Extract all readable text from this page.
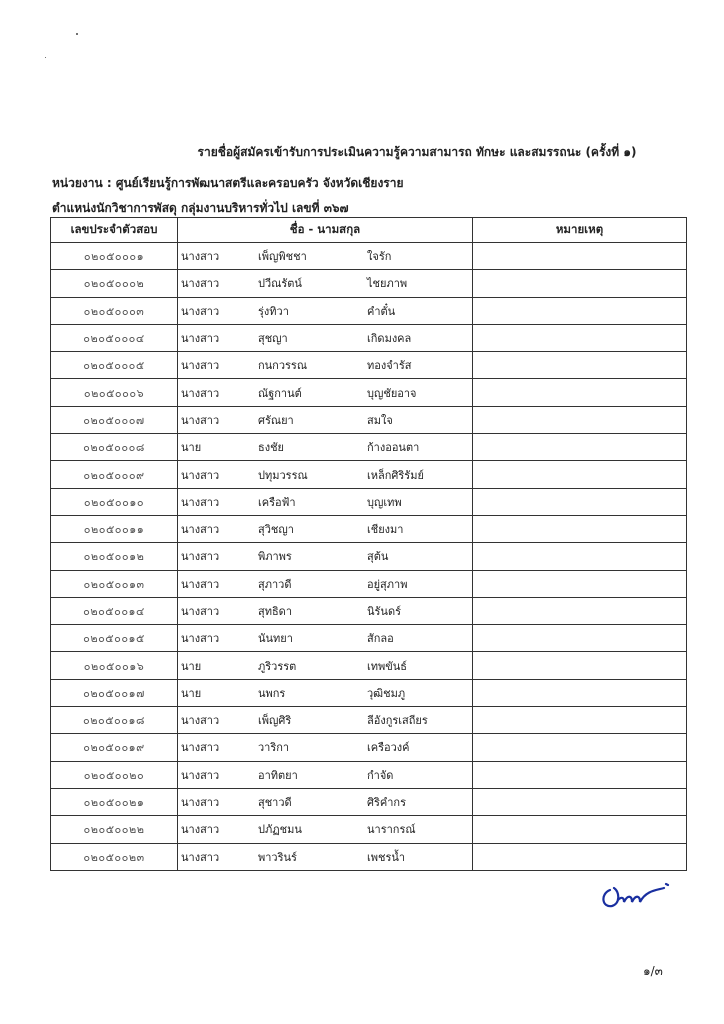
รายชื่อผู้สมัครเข้ารับการประเมินความรู้ความสามารถ ทักษะ และสมรรถนะ (ครั้งที่ ๑)
หน่วยงาน : ศูนย์เรียนรู้การพัฒนาสตรีและครอบครัว จังหวัดเชียงราย
ตำแหน่งนักวิชาการพัสดุ กลุ่มงานบริหารทั่วไป เลขที่ ๓๖๗
เลขประจำตัวสอบ	ชื่อ - นามสกุล	หมายเหตุ
๐๒๐๕๐๐๐๑	นางสาว เพ็ญพิชชา ใจรัก	

๐๒๐๕๐๐๐๒	นางสาว ปวีณรัตน์ ไชยภาพ	

๐๒๐๕๐๐๐๓	นางสาว รุ่งทิวา คำตั๋น	

๐๒๐๕๐๐๐๔	นางสาว สุชญา เกิดมงคล	

๐๒๐๕๐๐๐๕	นางสาว กนกวรรณ ทองจำรัส	

๐๒๐๕๐๐๐๖	นางสาว ณัฐกานต์ บุญชัยอาจ	

๐๒๐๕๐๐๐๗	นางสาว ศรัณยา สมใจ	

๐๒๐๕๐๐๐๘	นาย ธงชัย ก้างออนตา	

๐๒๐๕๐๐๐๙	นางสาว ปทุมวรรณ เหล็กศิริรัมย์	

๐๒๐๕๐๐๑๐	นางสาว เครือฟ้า บุญเทพ	

๐๒๐๕๐๐๑๑	นางสาว สุวิชญา เชียงมา	

๐๒๐๕๐๐๑๒	นางสาว พิภาพร สุต้น	

๐๒๐๕๐๐๑๓	นางสาว สุภาวดี อยู่สุภาพ	

๐๒๐๕๐๐๑๔	นางสาว สุทธิดา นิรันดร์	

๐๒๐๕๐๐๑๕	นางสาว นันทยา สักลอ	

๐๒๐๕๐๐๑๖	นาย ภูริวรรต เทพขันธ์	

๐๒๐๕๐๐๑๗	นาย นพกร วุฒิชมภู	

๐๒๐๕๐๐๑๘	นางสาว เพ็ญศิริ ลีอังกูรเสถียร	

๐๒๐๕๐๐๑๙	นางสาว วาริกา เครือวงค์	

๐๒๐๕๐๐๒๐	นางสาว อาทิตยา กำจัด	

๐๒๐๕๐๐๒๑	นางสาว สุชาวดี ศิริคำกร	

๐๒๐๕๐๐๒๒	นางสาว ปภัฏชมน นารากรณ์	

๐๒๐๕๐๐๒๓	นางสาว พาวรินร์ เพชรน้ำ	

๑/๓
